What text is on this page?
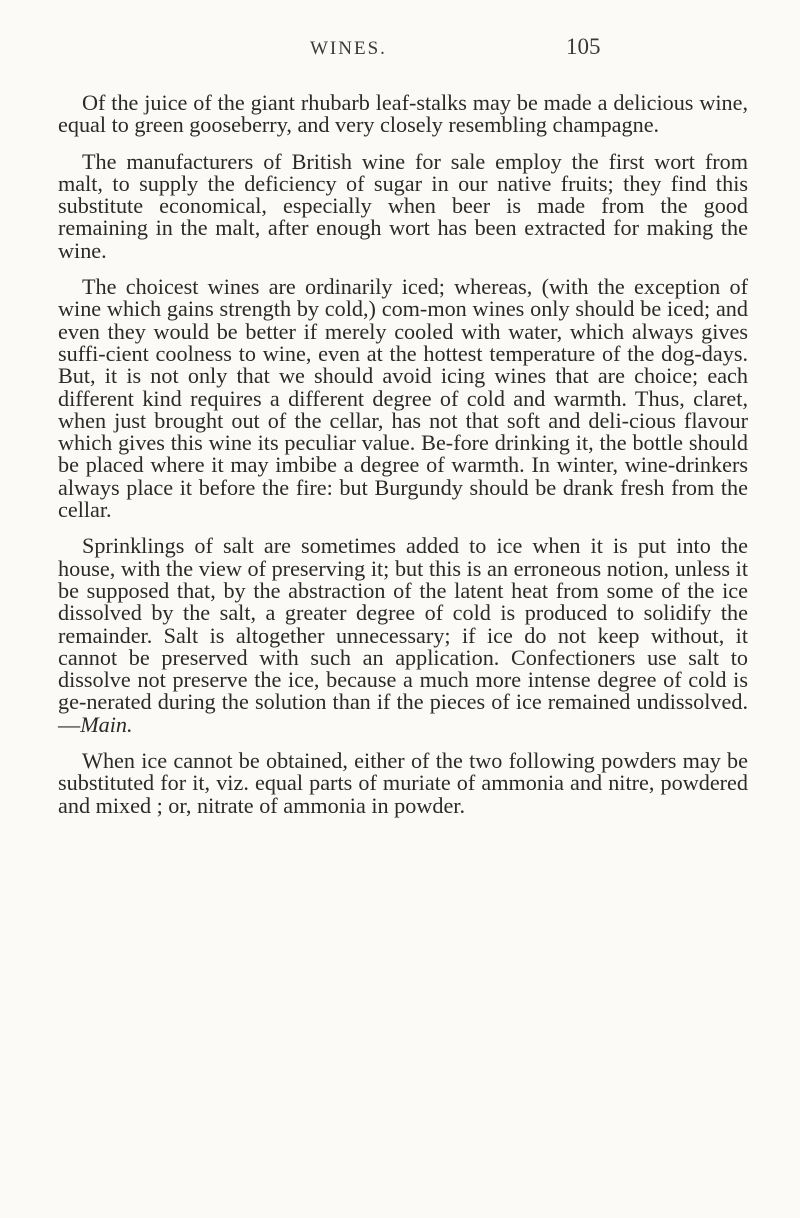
WINES.	105

Of the juice of the giant rhubarb leaf-stalks may be made a delicious wine, equal to green gooseberry, and very closely resembling champagne.

The manufacturers of British wine for sale employ the first wort from malt, to supply the deficiency of sugar in our native fruits; they find this substitute economical, especially when beer is made from the good remaining in the malt, after enough wort has been extracted for making the wine.

The choicest wines are ordinarily iced; whereas, (with the exception of wine which gains strength by cold,) com-mon wines only should be iced; and even they would be better if merely cooled with water, which always gives suffi-cient coolness to wine, even at the hottest temperature of the dog-days. But, it is not only that we should avoid icing wines that are choice; each different kind requires a different degree of cold and warmth. Thus, claret, when just brought out of the cellar, has not that soft and deli-cious flavour which gives this wine its peculiar value. Be-fore drinking it, the bottle should be placed where it may imbibe a degree of warmth. In winter, wine-drinkers always place it before the fire: but Burgundy should be drank fresh from the cellar.

Sprinklings of salt are sometimes added to ice when it is put into the house, with the view of preserving it; but this is an erroneous notion, unless it be supposed that, by the abstraction of the latent heat from some of the ice dissolved by the salt, a greater degree of cold is produced to solidify the remainder. Salt is altogether unnecessary; if ice do not keep without, it cannot be preserved with such an application. Confectioners use salt to dissolve not preserve the ice, because a much more intense degree of cold is ge-nerated during the solution than if the pieces of ice remained undissolved.—Main.

When ice cannot be obtained, either of the two following powders may be substituted for it, viz. equal parts of muriate of ammonia and nitre, powdered and mixed ; or, nitrate of ammonia in powder.
